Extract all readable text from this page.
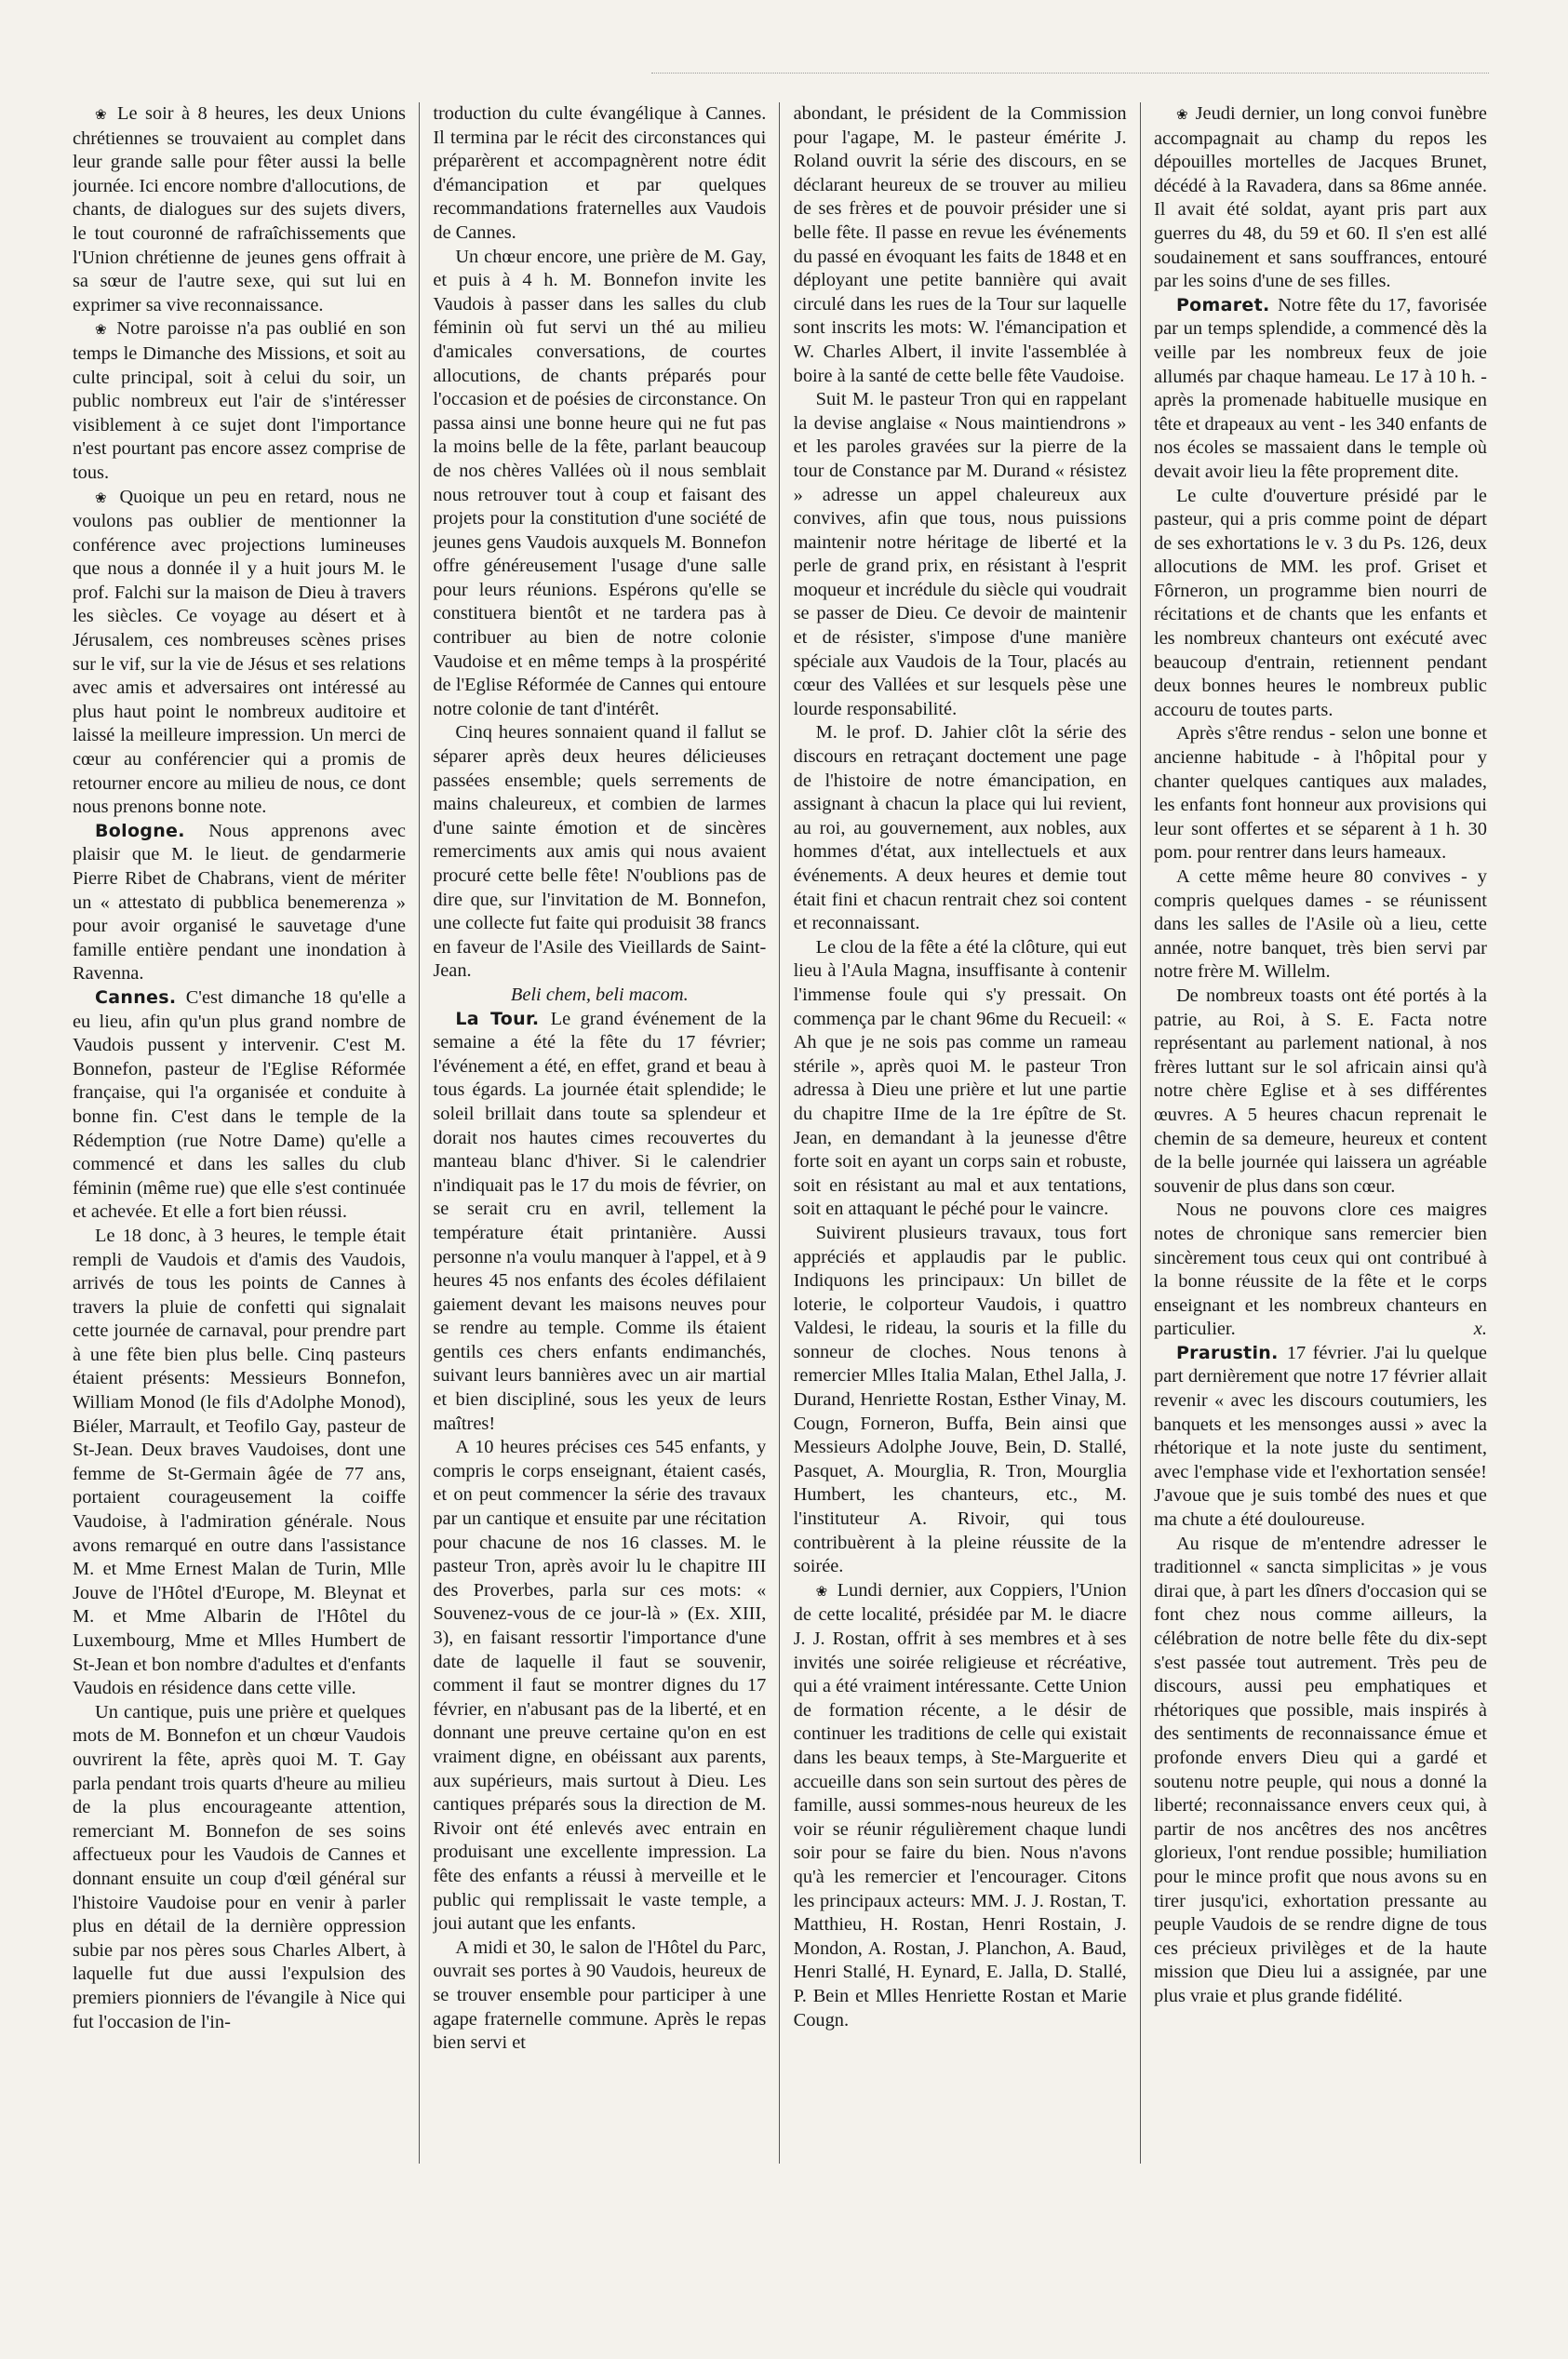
❀ Le soir à 8 heures, les deux Unions chrétiennes se trouvaient au complet dans leur grande salle pour fêter aussi la belle journée. Ici encore nombre d'allocutions, de chants, de dialogues sur des sujets divers, le tout couronné de rafraîchissements que l'Union chrétienne de jeunes gens offrait à sa sœur de l'autre sexe, qui sut lui en exprimer sa vive reconnaissance.

❀ Notre paroisse n'a pas oublié en son temps le Dimanche des Missions, et soit au culte principal, soit à celui du soir, un public nombreux eut l'air de s'intéresser visiblement à ce sujet dont l'importance n'est pourtant pas encore assez comprise de tous.

❀ Quoique un peu en retard, nous ne voulons pas oublier de mentionner la conférence avec projections lumineuses que nous a donnée il y a huit jours M. le prof. Falchi sur la maison de Dieu à travers les siècles. Ce voyage au désert et à Jérusalem, ces nombreuses scènes prises sur le vif, sur la vie de Jésus et ses relations avec amis et adversaires ont intéressé au plus haut point le nombreux auditoire et laissé la meilleure impression. Un merci de cœur au conférencier qui a promis de retourner encore au milieu de nous, ce dont nous prenons bonne note.

Bologne. Nous apprenons avec plaisir que M. le lieut. de gendarmerie Pierre Ribet de Chabrans, vient de mériter un « attestato di pubblica benemerenza » pour avoir organisé le sauvetage d'une famille entière pendant une inondation à Ravenna.

Cannes. C'est dimanche 18 qu'elle a eu lieu, afin qu'un plus grand nombre de Vaudois pussent y intervenir. C'est M. Bonnefon, pasteur de l'Eglise Réformée française, qui l'a organisée et conduite à bonne fin. C'est dans le temple de la Rédemption (rue Notre Dame) qu'elle a commencé et dans les salles du club féminin (même rue) que elle s'est continuée et achevée. Et elle a fort bien réussi.

Le 18 donc, à 3 heures, le temple était rempli de Vaudois et d'amis des Vaudois, arrivés de tous les points de Cannes à travers la pluie de confetti qui signalait cette journée de carnaval, pour prendre part à une fête bien plus belle. Cinq pasteurs étaient présents: Messieurs Bonnefon, William Monod (le fils d'Adolphe Monod), Biéler, Marrault, et Teofilo Gay, pasteur de St-Jean. Deux braves Vaudoises, dont une femme de St-Germain âgée de 77 ans, portaient courageusement la coiffe Vaudoise, à l'admiration générale. Nous avons remarqué en outre dans l'assistance M. et Mme Ernest Malan de Turin, Mlle Jouve de l'Hôtel d'Europe, M. Bleynat et M. et Mme Albarin de l'Hôtel du Luxembourg, Mme et Mlles Humbert de St-Jean et bon nombre d'adultes et d'enfants Vaudois en résidence dans cette ville.

Un cantique, puis une prière et quelques mots de M. Bonnefon et un chœur Vaudois ouvrirent la fête, après quoi M. T. Gay parla pendant trois quarts d'heure au milieu de la plus encourageante attention, remerciant M. Bonnefon de ses soins affectueux pour les Vaudois de Cannes et donnant ensuite un coup d'œil général sur l'histoire Vaudoise pour en venir à parler plus en détail de la dernière oppression subie par nos pères sous Charles Albert, à laquelle fut due aussi l'expulsion des premiers pionniers de l'évangile à Nice qui fut l'occasion de l'in-

troduction du culte évangélique à Cannes. Il termina par le récit des circonstances qui préparèrent et accompagnèrent notre édit d'émancipation et par quelques recommandations fraternelles aux Vaudois de Cannes.

Un chœur encore, une prière de M. Gay, et puis à 4 h. M. Bonnefon invite les Vaudois à passer dans les salles du club féminin où fut servi un thé au milieu d'amicales conversations, de courtes allocutions, de chants préparés pour l'occasion et de poésies de circonstance. On passa ainsi une bonne heure qui ne fut pas la moins belle de la fête, parlant beaucoup de nos chères Vallées où il nous semblait nous retrouver tout à coup et faisant des projets pour la constitution d'une société de jeunes gens Vaudois auxquels M. Bonnefon offre généreusement l'usage d'une salle pour leurs réunions. Espérons qu'elle se constituera bientôt et ne tardera pas à contribuer au bien de notre colonie Vaudoise et en même temps à la prospérité de l'Eglise Réformée de Cannes qui entoure notre colonie de tant d'intérêt.

Cinq heures sonnaient quand il fallut se séparer après deux heures délicieuses passées ensemble; quels serrements de mains chaleureux, et combien de larmes d'une sainte émotion et de sincères remerciments aux amis qui nous avaient procuré cette belle fête! N'oublions pas de dire que, sur l'invitation de M. Bonnefon, une collecte fut faite qui produisit 38 francs en faveur de l'Asile des Vieillards de Saint-Jean.

Beli chem, beli macom.

La Tour. Le grand événement de la semaine a été la fête du 17 février; l'événement a été, en effet, grand et beau à tous égards. La journée était splendide; le soleil brillait dans toute sa splendeur et dorait nos hautes cimes recouvertes du manteau blanc d'hiver. Si le calendrier n'indiquait pas le 17 du mois de février, on se serait cru en avril, tellement la température était printanière. Aussi personne n'a voulu manquer à l'appel, et à 9 heures 45 nos enfants des écoles défilaient gaiement devant les maisons neuves pour se rendre au temple. Comme ils étaient gentils ces chers enfants endimanchés, suivant leurs bannières avec un air martial et bien discipliné, sous les yeux de leurs maîtres!

A 10 heures précises ces 545 enfants, y compris le corps enseignant, étaient casés, et on peut commencer la série des travaux par un cantique et ensuite par une récitation pour chacune de nos 16 classes. M. le pasteur Tron, après avoir lu le chapitre III des Proverbes, parla sur ces mots: « Souvenez-vous de ce jour-là » (Ex. XIII, 3), en faisant ressortir l'importance d'une date de laquelle il faut se souvenir, comment il faut se montrer dignes du 17 février, en n'abusant pas de la liberté, et en donnant une preuve certaine qu'on en est vraiment digne, en obéissant aux parents, aux supérieurs, mais surtout à Dieu. Les cantiques préparés sous la direction de M. Rivoir ont été enlevés avec entrain en produisant une excellente impression. La fête des enfants a réussi à merveille et le public qui remplissait le vaste temple, a joui autant que les enfants.

A midi et 30, le salon de l'Hôtel du Parc, ouvrait ses portes à 90 Vaudois, heureux de se trouver ensemble pour participer à une agape fraternelle commune. Après le repas bien servi et

abondant, le président de la Commission pour l'agape, M. le pasteur émérite J. Roland ouvrit la série des discours, en se déclarant heureux de se trouver au milieu de ses frères et de pouvoir présider une si belle fête. Il passe en revue les événements du passé en évoquant les faits de 1848 et en déployant une petite bannière qui avait circulé dans les rues de la Tour sur laquelle sont inscrits les mots: W. l'émancipation et W. Charles Albert, il invite l'assemblée à boire à la santé de cette belle fête Vaudoise.

Suit M. le pasteur Tron qui en rappelant la devise anglaise « Nous maintiendrons » et les paroles gravées sur la pierre de la tour de Constance par M. Durand « résistez » adresse un appel chaleureux aux convives, afin que tous, nous puissions maintenir notre héritage de liberté et la perle de grand prix, en résistant à l'esprit moqueur et incrédule du siècle qui voudrait se passer de Dieu. Ce devoir de maintenir et de résister, s'impose d'une manière spéciale aux Vaudois de la Tour, placés au cœur des Vallées et sur lesquels pèse une lourde responsabilité.

M. le prof. D. Jahier clôt la série des discours en retraçant doctement une page de l'histoire de notre émancipation, en assignant à chacun la place qui lui revient, au roi, au gouvernement, aux nobles, aux hommes d'état, aux intellectuels et aux événements. A deux heures et demie tout était fini et chacun rentrait chez soi content et reconnaissant.

Le clou de la fête a été la clôture, qui eut lieu à l'Aula Magna, insuffisante à contenir l'immense foule qui s'y pressait. On commença par le chant 96me du Recueil: « Ah que je ne sois pas comme un rameau stérile », après quoi M. le pasteur Tron adressa à Dieu une prière et lut une partie du chapitre IIme de la 1re épître de St. Jean, en demandant à la jeunesse d'être forte soit en ayant un corps sain et robuste, soit en résistant au mal et aux tentations, soit en attaquant le péché pour le vaincre.

Suivirent plusieurs travaux, tous fort appréciés et applaudis par le public. Indiquons les principaux: Un billet de loterie, le colporteur Vaudois, i quattro Valdesi, le rideau, la souris et la fille du sonneur de cloches. Nous tenons à remercier Mlles Italia Malan, Ethel Jalla, J. Durand, Henriette Rostan, Esther Vinay, M. Cougn, Forneron, Buffa, Bein ainsi que Messieurs Adolphe Jouve, Bein, D. Stallé, Pasquet, A. Mourglia, R. Tron, Mourglia Humbert, les chanteurs, etc., M. l'instituteur A. Rivoir, qui tous contribuèrent à la pleine réussite de la soirée.

❀ Lundi dernier, aux Coppiers, l'Union de cette localité, présidée par M. le diacre J. J. Rostan, offrit à ses membres et à ses invités une soirée religieuse et récréative, qui a été vraiment intéressante. Cette Union de formation récente, a le désir de continuer les traditions de celle qui existait dans les beaux temps, à Ste-Marguerite et accueille dans son sein surtout des pères de famille, aussi sommes-nous heureux de les voir se réunir régulièrement chaque lundi soir pour se faire du bien. Nous n'avons qu'à les remercier et l'encourager. Citons les principaux acteurs: MM. J. J. Rostan, T. Matthieu, H. Rostan, Henri Rostain, J. Mondon, A. Rostan, J. Planchon, A. Baud, Henri Stallé, H. Eynard, E. Jalla, D. Stallé, P. Bein et Mlles Henriette Rostan et Marie Cougn.

❀ Jeudi dernier, un long convoi funèbre accompagnait au champ du repos les dépouilles mortelles de Jacques Brunet, décédé à la Ravadera, dans sa 86me année. Il avait été soldat, ayant pris part aux guerres du 48, du 59 et 60. Il s'en est allé soudainement et sans souffrances, entouré par les soins d'une de ses filles.

Pomaret. Notre fête du 17, favorisée par un temps splendide, a commencé dès la veille par les nombreux feux de joie allumés par chaque hameau. Le 17 à 10 h. - après la promenade habituelle musique en tête et drapeaux au vent - les 340 enfants de nos écoles se massaient dans le temple où devait avoir lieu la fête proprement dite.

Le culte d'ouverture présidé par le pasteur, qui a pris comme point de départ de ses exhortations le v. 3 du Ps. 126, deux allocutions de MM. les prof. Griset et Fôrneron, un programme bien nourri de récitations et de chants que les enfants et les nombreux chanteurs ont exécuté avec beaucoup d'entrain, retiennent pendant deux bonnes heures le nombreux public accouru de toutes parts.

Après s'être rendus - selon une bonne et ancienne habitude - à l'hôpital pour y chanter quelques cantiques aux malades, les enfants font honneur aux provisions qui leur sont offertes et se séparent à 1 h. 30 pom. pour rentrer dans leurs hameaux.

A cette même heure 80 convives - y compris quelques dames - se réunissent dans les salles de l'Asile où a lieu, cette année, notre banquet, très bien servi par notre frère M. Willelm.

De nombreux toasts ont été portés à la patrie, au Roi, à S. E. Facta notre représentant au parlement national, à nos frères luttant sur le sol africain ainsi qu'à notre chère Eglise et à ses différentes œuvres. A 5 heures chacun reprenait le chemin de sa demeure, heureux et content de la belle journée qui laissera un agréable souvenir de plus dans son cœur.

Nous ne pouvons clore ces maigres notes de chronique sans remercier bien sincèrement tous ceux qui ont contribué à la bonne réussite de la fête et le corps enseignant et les nombreux chanteurs en particulier.	x.

Prarustin. 17 février. J'ai lu quelque part dernièrement que notre 17 février allait revenir « avec les discours coutumiers, les banquets et les mensonges aussi » avec la rhétorique et la note juste du sentiment, avec l'emphase vide et l'exhortation sensée! J'avoue que je suis tombé des nues et que ma chute a été douloureuse.

Au risque de m'entendre adresser le traditionnel « sancta simplicitas » je vous dirai que, à part les dîners d'occasion qui se font chez nous comme ailleurs, la célébration de notre belle fête du dix-sept s'est passée tout autrement. Très peu de discours, aussi peu emphatiques et rhétoriques que possible, mais inspirés à des sentiments de reconnaissance émue et profonde envers Dieu qui a gardé et soutenu notre peuple, qui nous a donné la liberté; reconnaissance envers ceux qui, à partir de nos ancêtres des nos ancêtres glorieux, l'ont rendue possible; humiliation pour le mince profit que nous avons su en tirer jusqu'ici, exhortation pressante au peuple Vaudois de se rendre digne de tous ces précieux privilèges et de la haute mission que Dieu lui a assignée, par une plus vraie et plus grande fidélité.
